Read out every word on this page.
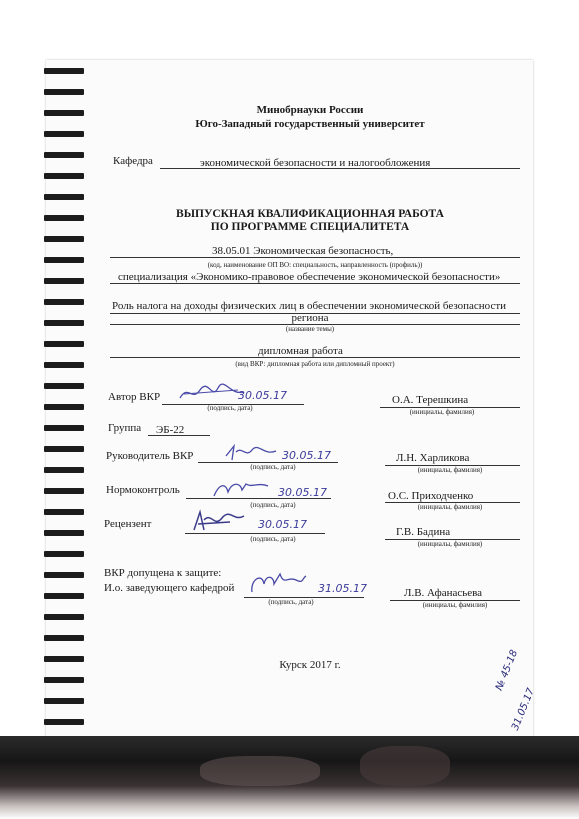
Минобрнауки России
Юго-Западный государственный университет
Кафедра	экономической безопасности и налогообложения
ВЫПУСКНАЯ КВАЛИФИКАЦИОННАЯ РАБОТА
ПО ПРОГРАММЕ СПЕЦИАЛИТЕТА
38.05.01 Экономическая безопасность,
(код, наименование ОП ВО: специальность, направленность (профиль))
специализация «Экономико-правовое обеспечение экономической безопасности»
Роль налога на доходы физических лиц в обеспечении экономической безопасности
региона
(название темы)
дипломная работа
(вид ВКР: дипломная работа или дипломный проект)
Автор ВКР	30.05.17
(подпись, дата)
О.А. Терешкина
(инициалы, фамилия)
Группа ЭБ-22
Руководитель ВКР	30.05.17
(подпись, дата)
Л.Н. Харликова
(инициалы, фамилия)
Нормоконтроль	30.05.17
(подпись, дата)
О.С. Приходченко
(инициалы, фамилия)
Рецензент	30.05.17
(подпись, дата)
Г.В. Бадина
(инициалы, фамилия)
ВКР допущена к защите:
И.о. заведующего кафедрой	31.05.17
(подпись, дата)
Л.В. Афанасьева
(инициалы, фамилия)
Курск 2017 г.	№ 45-18
31.05.17
